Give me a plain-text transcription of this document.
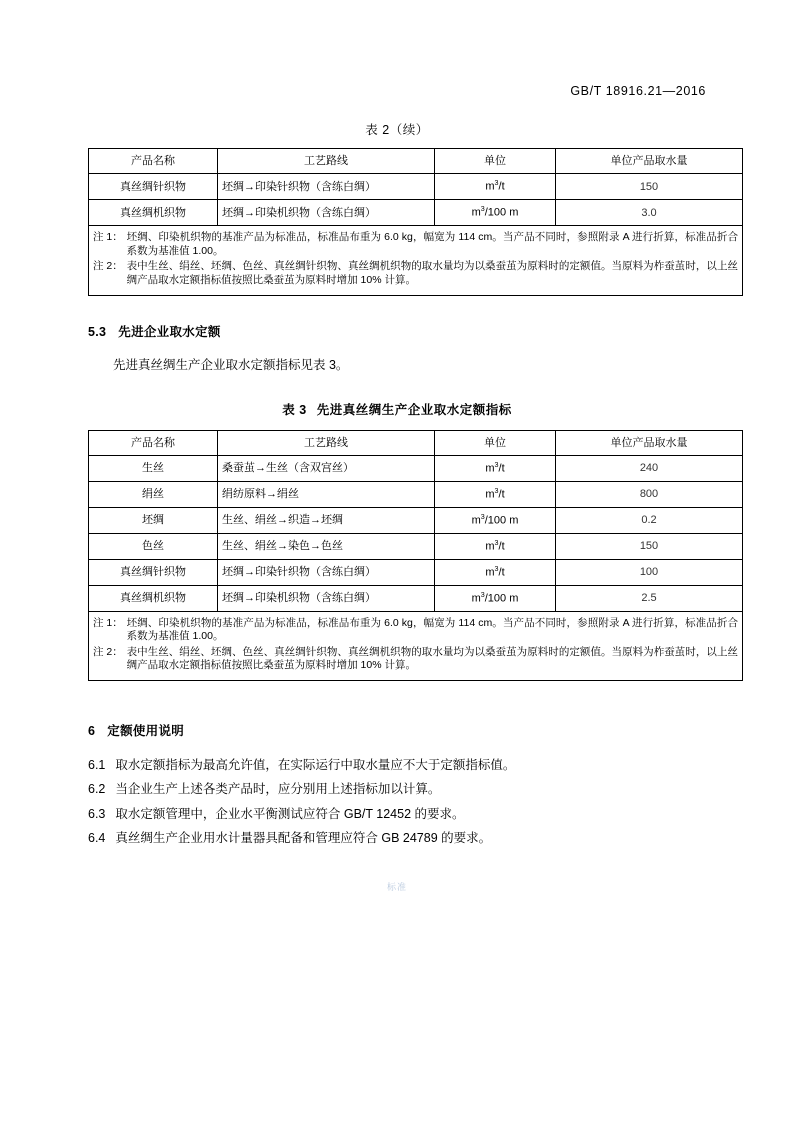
GB/T 18916.21—2016
表 2（续）
产品名称	工艺路线	单位	单位产品取水量
真丝绸针织物	坯绸→印染针织物（含练白绸）	$m^3/t$	150
真丝绸机织物	坯绸→印染机织物（含练白绸）	$m^3/100$ m	3.0

注 1： 坯绸、印染机织物的基准产品为标准品，标准品布重为 6.0 kg，幅宽为 114 cm。当产品不同时，参照附录 A 进行折算，标准品折合系数为基准值 1.00。
注 2： 表中生丝、绢丝、坯绸、色丝、真丝绸针织物、真丝绸机织物的取水量均为以桑蚕茧为原料时的定额值。当原料为柞蚕茧时，以上丝绸产品取水定额指标值按照比桑蚕茧为原料时增加 10% 计算。			
5.3 先进企业取水定额

先进真丝绸生产企业取水定额指标见表 3。

表 3 先进真丝绸生产企业取水定额指标
产品名称	工艺路线	单位	单位产品取水量
生丝	桑蚕茧→生丝（含双宫丝）	$m^3/t$	240
绢丝	绢纺原料→绢丝	$m^3/t$	800
坯绸	生丝、绢丝→织造→坯绸	$m^3/100$ m	0.2
色丝	生丝、绢丝→染色→色丝	$m^3/t$	150
真丝绸针织物	坯绸→印染针织物（含练白绸）	$m^3/t$	100
真丝绸机织物	坯绸→印染机织物（含练白绸）	$m^3/100$ m	2.5

注 1： 坯绸、印染机织物的基准产品为标准品，标准品布重为 6.0 kg，幅宽为 114 cm。当产品不同时，参照附录 A 进行折算，标准品折合系数为基准值 1.00。
注 2： 表中生丝、绢丝、坯绸、色丝、真丝绸针织物、真丝绸机织物的取水量均为以桑蚕茧为原料时的定额值。当原料为柞蚕茧时，以上丝绸产品取水定额指标值按照比桑蚕茧为原料时增加 10% 计算。			
6 定额使用说明

6.1 取水定额指标为最高允许值，在实际运行中取水量应不大于定额指标值。

6.2 当企业生产上述各类产品时，应分别用上述指标加以计算。

6.3 取水定额管理中，企业水平衡测试应符合 GB/T 12452 的要求。

6.4 真丝绸生产企业用水计量器具配备和管理应符合 GB 24789 的要求。

标准
